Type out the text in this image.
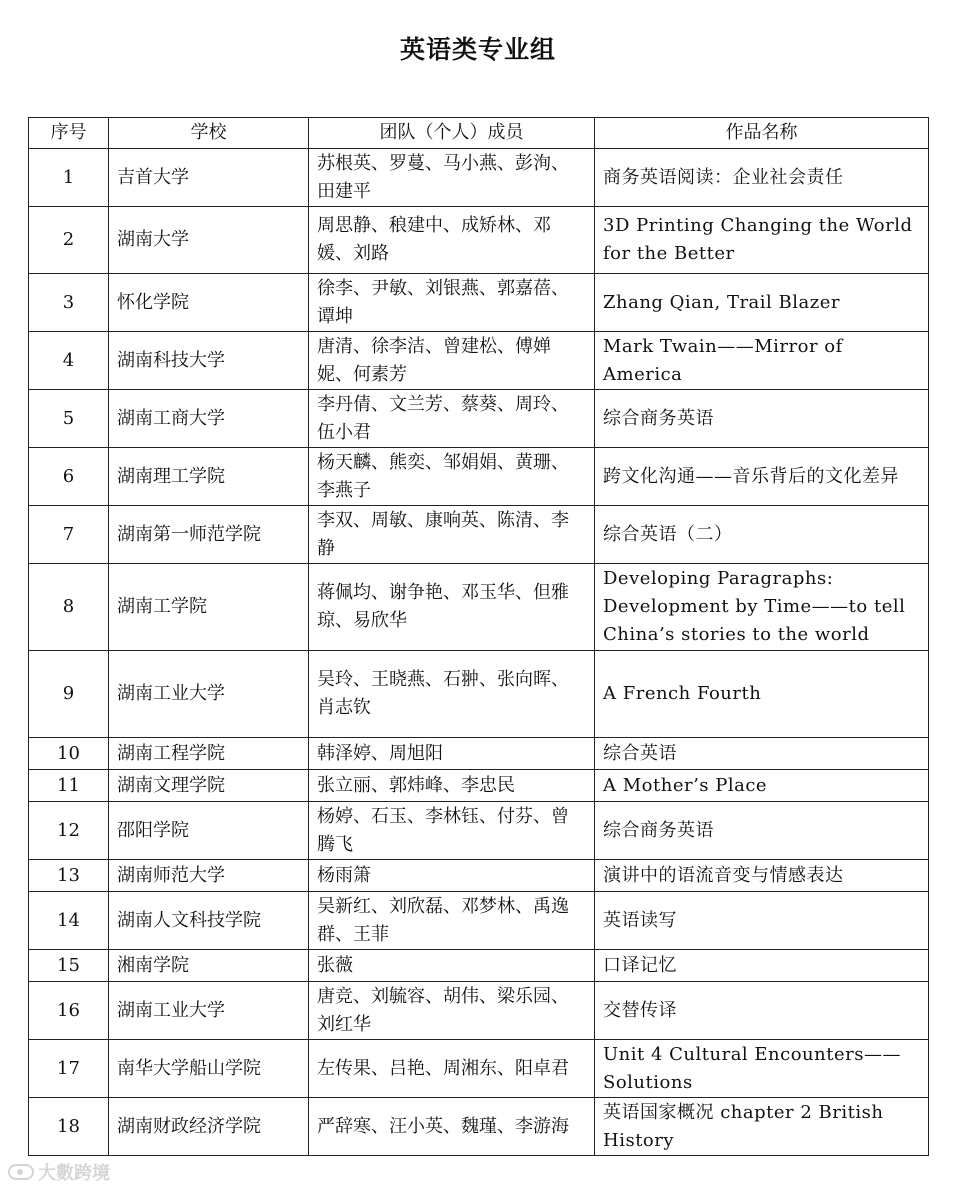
英语类专业组
序号	学校	团队（个人）成员	作品名称
1	吉首大学	苏根英、罗蔓、马小燕、彭洵、田建平	商务英语阅读：企业社会责任
2	湖南大学	周思静、稂建中、成矫林、邓媛、刘路	3D Printing Changing the World for the Better
3	怀化学院	徐李、尹敏、刘银燕、郭嘉蓓、谭坤	Zhang Qian, Trail Blazer
4	湖南科技大学	唐清、徐李洁、曾建松、傅婵妮、何素芳	Mark Twain——Mirror of America
5	湖南工商大学	李丹倩、文兰芳、蔡葵、周玲、伍小君	综合商务英语
6	湖南理工学院	杨天麟、熊奕、邹娟娟、黄珊、李燕子	跨文化沟通——音乐背后的文化差异
7	湖南第一师范学院	李双、周敏、康响英、陈清、李静	综合英语（二）
8	湖南工学院	蒋佩均、谢争艳、邓玉华、但雅琼、易欣华	Developing Paragraphs: Development by Time——to tell China’s stories to the world
9	湖南工业大学	吴玲、王晓燕、石翀、张向晖、肖志钦	A French Fourth
10	湖南工程学院	韩泽婷、周旭阳	综合英语
11	湖南文理学院	张立丽、郭炜峰、李忠民	A Mother’s Place
12	邵阳学院	杨婷、石玉、李林钰、付芬、曾腾飞	综合商务英语
13	湖南师范大学	杨雨箫	演讲中的语流音变与情感表达
14	湖南人文科技学院	吴新红、刘欣磊、邓梦林、禹逸群、王菲	英语读写
15	湘南学院	张薇	口译记忆
16	湖南工业大学	唐竞、刘毓容、胡伟、梁乐园、刘红华	交替传译
17	南华大学船山学院	左传果、吕艳、周湘东、阳卓君	Unit 4 Cultural Encounters——Solutions
18	湖南财政经济学院	严辞寒、汪小英、魏瑾、李游海	英语国家概况 chapter 2 British History
大數跨境
